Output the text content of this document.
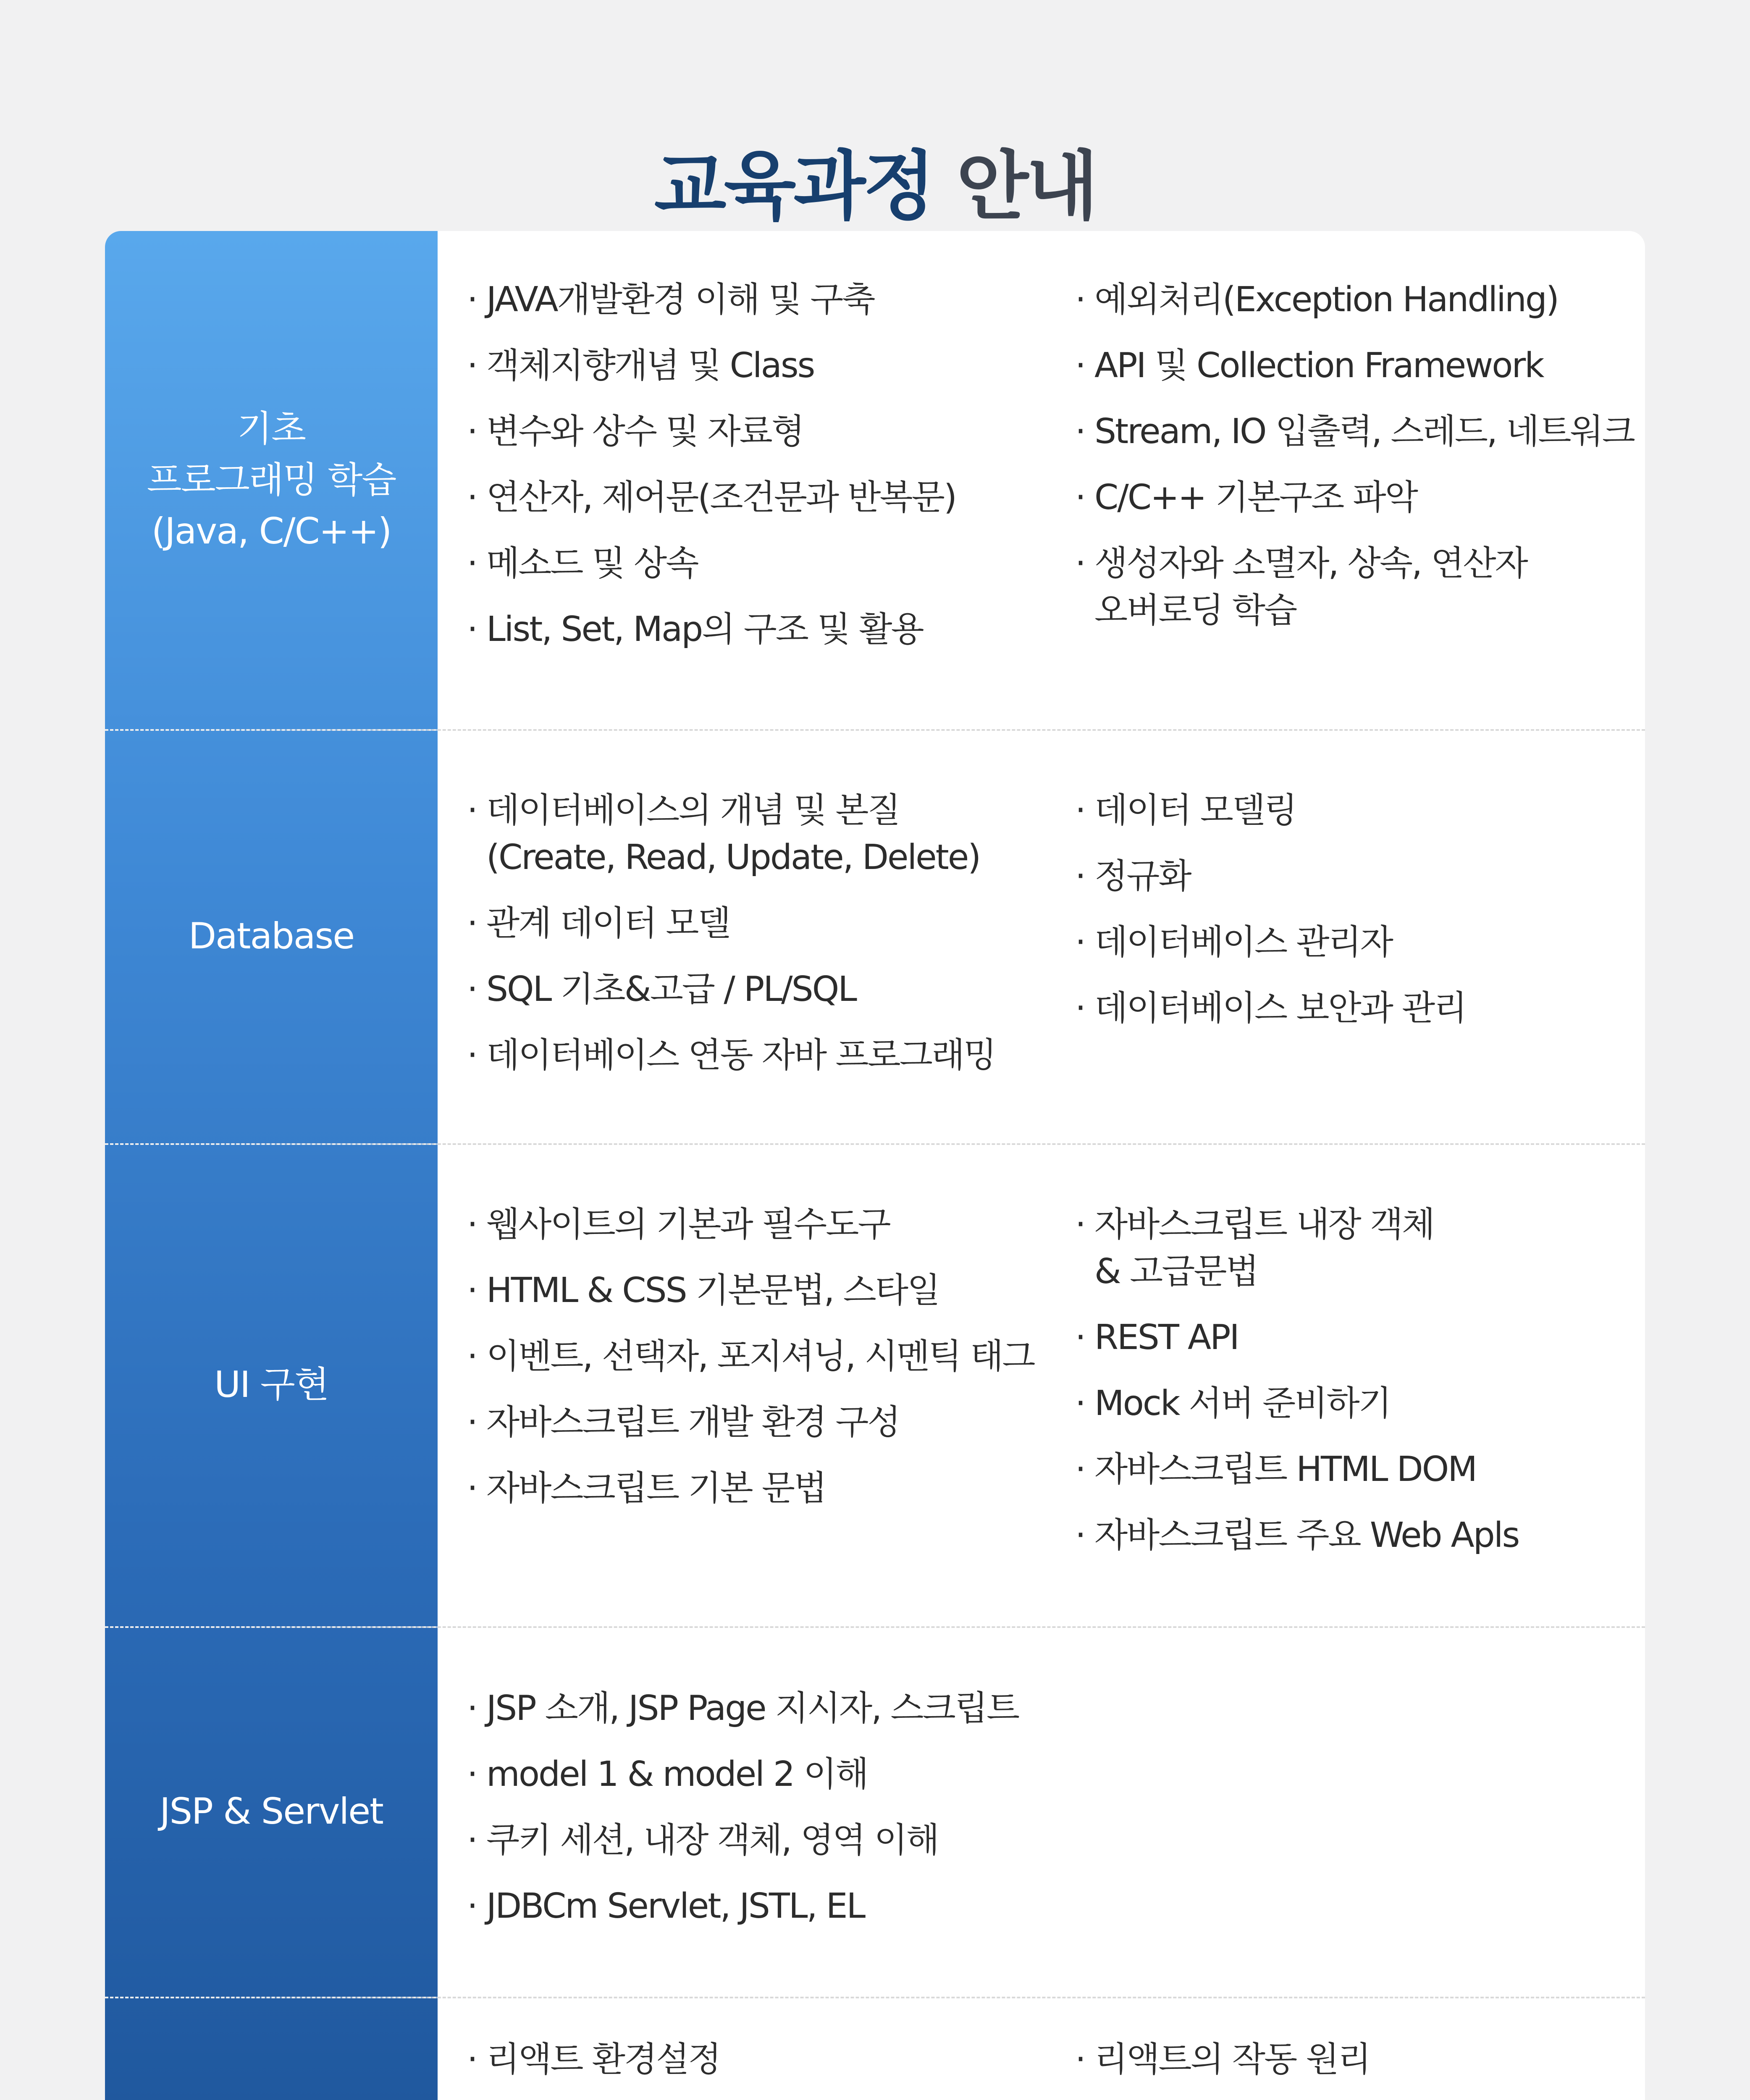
교육과정 안내
기초
프로그래밍 학습
(Java, C/C++)
· JAVA개발환경 이해 및 구축
· 객체지향개념 및 Class
· 변수와 상수 및 자료형
· 연산자, 제어문(조건문과 반복문)
· 메소드 및 상속
· List, Set, Map의 구조 및 활용
· 예외처리(Exception Handling)
· API 및 Collection Framework
· Stream, IO 입출력, 스레드, 네트워크
· C/C++ 기본구조 파악
· 생성자와 소멸자, 상속, 연산자
오버로딩 학습
Database
· 데이터베이스의 개념 및 본질
(Create, Read, Update, Delete)
· 관계 데이터 모델
· SQL 기초&고급 / PL/SQL
· 데이터베이스 연동 자바 프로그래밍
· 데이터 모델링
· 정규화
· 데이터베이스 관리자
· 데이터베이스 보안과 관리
UI 구현
· 웹사이트의 기본과 필수도구
· HTML & CSS 기본문법, 스타일
· 이벤트, 선택자, 포지셔닝, 시멘틱 태그
· 자바스크립트 개발 환경 구성
· 자바스크립트 기본 문법
· 자바스크립트 내장 객체
& 고급문법
· REST API
· Mock 서버 준비하기
· 자바스크립트 HTML DOM
· 자바스크립트 주요 Web Apls
JSP & Servlet
· JSP 소개, JSP Page 지시자, 스크립트
· model 1 & model 2 이해
· 쿠키 세션, 내장 객체, 영역 이해
· JDBCm Servlet, JSTL, EL
· 리액트 환경설정
·
·	리액트의 작동 원리
·
